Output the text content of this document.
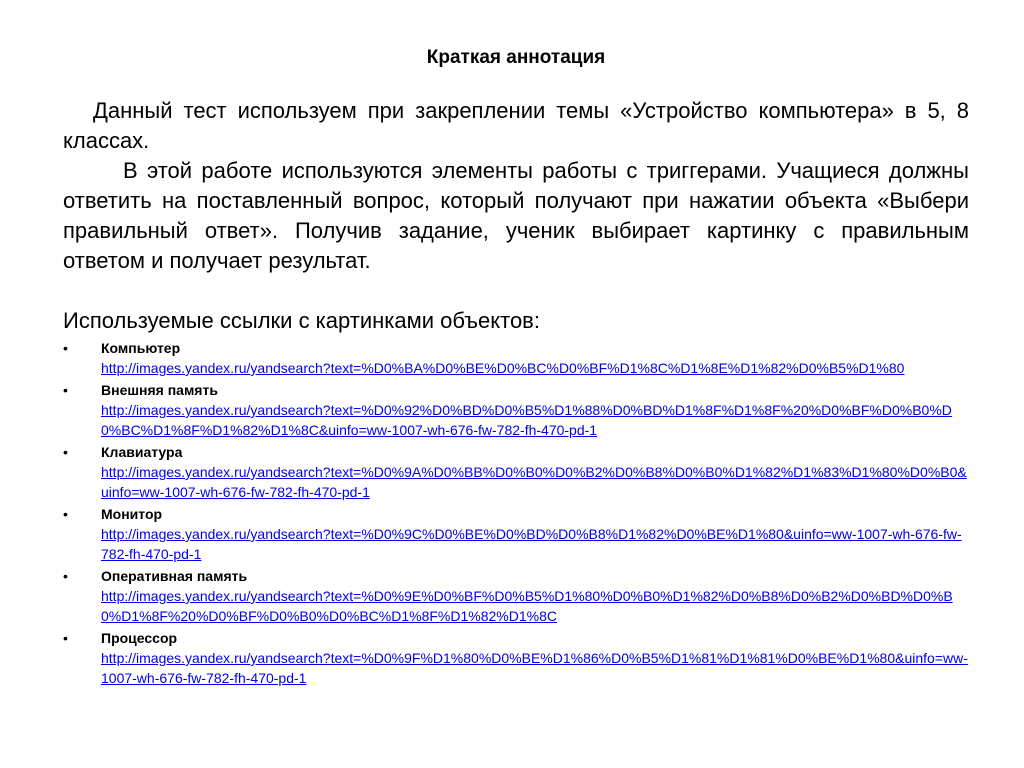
Краткая аннотация

Данный тест используем при закреплении темы «Устройство компьютера» в 5, 8 классах.

В этой работе используются элементы работы с триггерами. Учащиеся должны ответить на поставленный вопрос, который получают при нажатии объекта «Выбери правильный ответ». Получив задание, ученик выбирает картинку с правильным ответом и получает результат.

Используемые ссылки с картинками объектов:
• Компьютер
http://images.yandex.ru/yandsearch?text=%D0%BA%D0%BE%D0%BC%D0%BF%D1%8C%D1%8E%D1%82%D0%B5%D1%80
• Внешняя память
http://images.yandex.ru/yandsearch?text=%D0%92%D0%BD%D0%B5%D1%88%D0%BD%D1%8F%D1%8F%20%D0%BF%D0%B0%D0%BC%D1%8F%D1%82%D1%8C&uinfo=ww-1007-wh-676-fw-782-fh-470-pd-1
• Клавиатура
http://images.yandex.ru/yandsearch?text=%D0%9A%D0%BB%D0%B0%D0%B2%D0%B8%D0%B0%D1%82%D1%83%D1%80%D0%B0&uinfo=ww-1007-wh-676-fw-782-fh-470-pd-1
• Монитор
http://images.yandex.ru/yandsearch?text=%D0%9C%D0%BE%D0%BD%D0%B8%D1%82%D0%BE%D1%80&uinfo=ww-1007-wh-676-fw-782-fh-470-pd-1
• Оперативная память
http://images.yandex.ru/yandsearch?text=%D0%9E%D0%BF%D0%B5%D1%80%D0%B0%D1%82%D0%B8%D0%B2%D0%BD%D0%B0%D1%8F%20%D0%BF%D0%B0%D0%BC%D1%8F%D1%82%D1%8C
• Процессор
http://images.yandex.ru/yandsearch?text=%D0%9F%D1%80%D0%BE%D1%86%D0%B5%D1%81%D1%81%D0%BE%D1%80&uinfo=ww-1007-wh-676-fw-782-fh-470-pd-1
